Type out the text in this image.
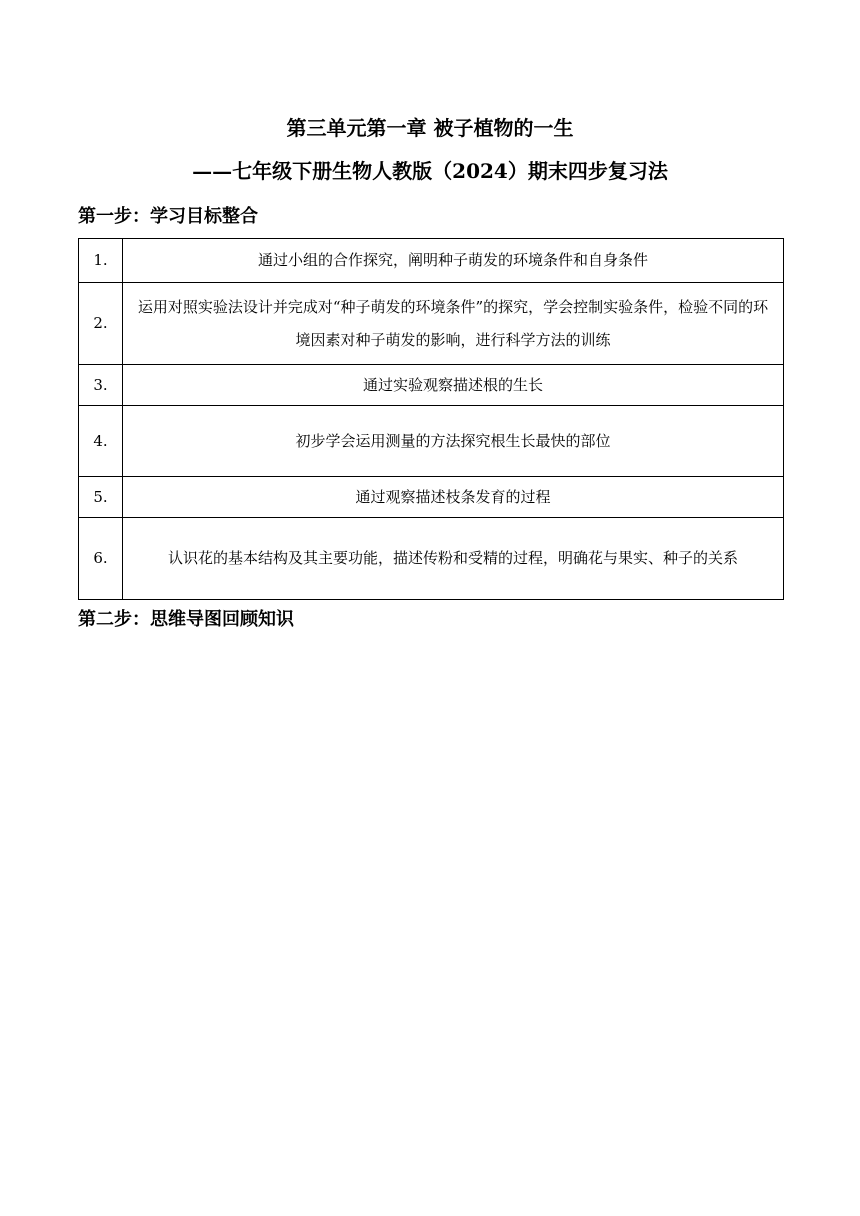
第三单元第一章 被子植物的一生
——七年级下册生物人教版（2024）期末四步复习法
第一步：学习目标整合
1.	通过小组的合作探究，阐明种子萌发的环境条件和自身条件
2.	运用对照实验法设计并完成对“种子萌发的环境条件”的探究，学会控制实验条件，检验不同的环境因素对种子萌发的影响，进行科学方法的训练
3.	通过实验观察描述根的生长
4.	初步学会运用测量的方法探究根生长最快的部位
5.	通过观察描述枝条发育的过程
6.	认识花的基本结构及其主要功能，描述传粉和受精的过程，明确花与果实、种子的关系
第二步：思维导图回顾知识
